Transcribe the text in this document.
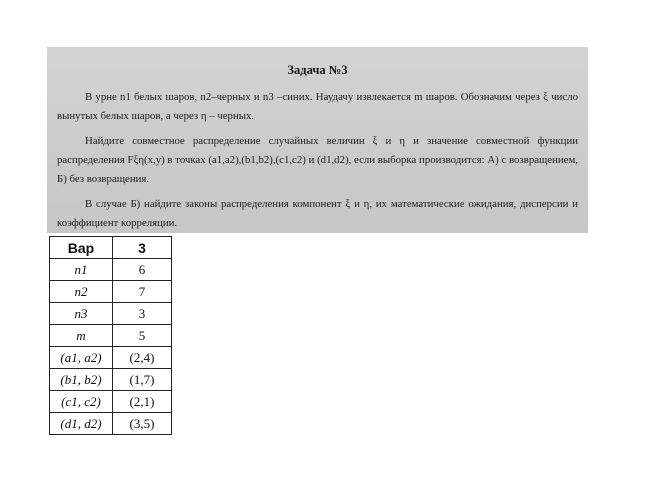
Задача №3

В урне n1 белых шаров, n2–черных и n3 –синих. Наудачу извлекается m шаров. Обозначим через ξ число вынутых белых шаров, а через η – черных.

Найдите совместное распределение случайных величин ξ и η и значение совместной функции распределения Fξη(x,y) в точках (a1,a2),(b1,b2),(c1,c2) и (d1,d2), если выборка производится: А) с возвращением, Б) без возвращения.

В случае Б) найдите законы распределения компонент ξ и η, их математические ожидания, дисперсии и коэффициент корреляции.

Вар	3
n1	6
n2	7
n3	3
m	5
(a1, a2)	(2,4)
(b1, b2)	(1,7)
(c1, c2)	(2,1)
(d1, d2)	(3,5)
